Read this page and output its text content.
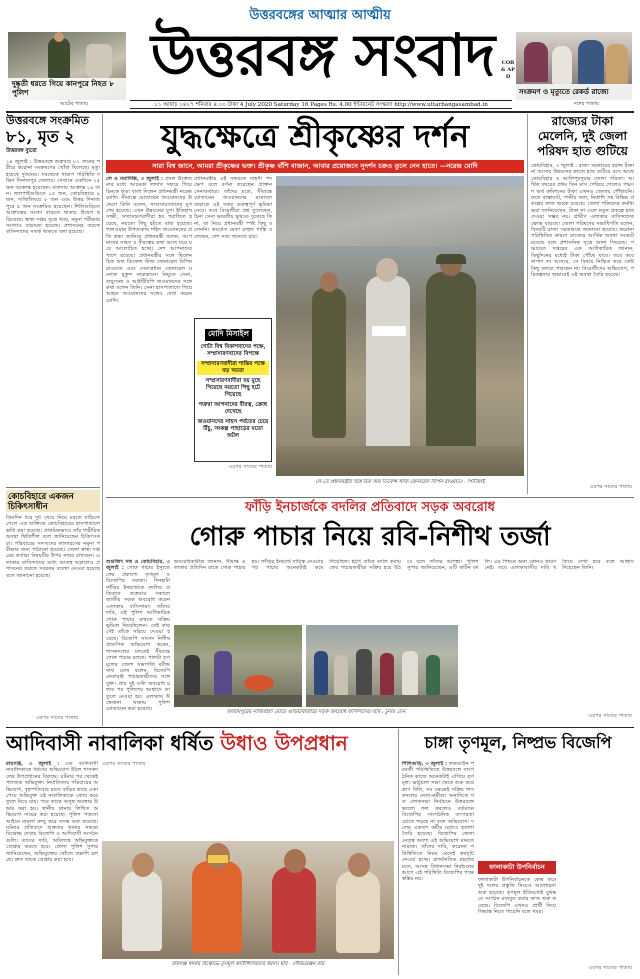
দুষ্কৃতী ধরতে গিয়ে কানপুরে নিহত ৮ পুলিশ
আটের পাতায়
উত্তরবঙ্গের আত্মার আত্মীয়
উত্তরবঙ্গ সংবাদ
সংক্রমণ ও মৃত্যুতে রেকর্ড রাজ্যে
দশের পাতায়
COB & APD
১১ আষাঢ় ১৪২৭ শনিবার ৪.০০ টাকা 4 July 2020 Saturday 16 Pages Rs. 4.00 ইন্টারনেট সংস্করণ http://www.uttarbangasambad.in
উত্তরবঙ্গে সংক্রমিত
৮১, মৃত ২
উত্তরবঙ্গ ব্যুরো
১৪ জুলাই : উত্তরবঙ্গে শুক্রবার ৮১ জনের শরীরে করোনা সংক্রমণের খোঁজ মিলেছে। মৃত্যু হয়েছে দুজনের। সবথেকে খারাপ পরিস্থিতি দক্ষিণ দিনাজপুর জেলায়। সেখানে একদিনে ২৫ জন আক্রান্ত হয়েছেন। মালদায় আক্রান্ত ১৯ জন। জলপাইগুড়িতে ১৫ জন, কোচবিহারে ৯ জন, দার্জিলিংয়ে ৮ জন এবং উত্তর দিনাজপুরে ৫ জন সংক্রমিত হয়েছেন। শিলিগুড়িতে আক্রান্তের সংখ্যা বাড়তে থাকায় উদ্বেগ ছড়িয়েছে। স্বাস্থ্য দপ্তর সূত্রে খবর, নমুনা পরীক্ষার সংখ্যাও বাড়ানো হয়েছে। প্রশাসনের তরফে বাসিন্দাদের সতর্ক থাকতে বলা হয়েছে।
কোচবিহারে একজন চিকিৎসাধীন
তিনদিন ধরে দুধ খেয়ে নিয়ে মরতে বাড়িতে গেলে এক ব্যক্তিকে কোচবিহারের হাসপাতালে ভর্তি করা হয়েছে। প্রাথমিকভাবে তাঁর শারীরিক অবস্থা স্থিতিশীল বলে জানিয়েছেন চিকিৎসকরা। পরিবারের সদস্যদের লালারসের নমুনা পরীক্ষার জন্য পাঠানো হয়েছে। জেলা স্বাস্থ্য দপ্তরের কর্তারা বিষয়টির উপর নজর রাখছেন। এলাকার বাসিন্দাদের মধ্যে আতঙ্ক ছড়ালেও প্রশাসনের তরফে সবরকম ব্যবস্থা নেওয়া হয়েছে বলে জানানো হয়েছে।
এরপর সাতের পাতায়
যুদ্ধক্ষেত্রে শ্রীকৃষ্ণের দর্শন
সারা বিশ্ব জানে, আমরা শ্রীকৃষ্ণের ভক্ত। শ্রীকৃষ্ণ বাঁশি বাজান, আবার প্রয়োজনে সুদর্শন চক্রও তুলে নেন হাতে। —নরেন্দ্র মোদি
লে ও নয়াদিল্লি, ৩ জুলাই : প্রবল উত্তেজনার মধ্যে আচমকা লাদাখ সফরে গিয়ে চিনকে কড়া বার্তা দিলেন প্রধানমন্ত্রী নরেন্দ্র মোদি। সীমান্তে মোতায়েন জওয়ানদের উদ্দেশে তিনি বলেন, সম্প্রসারণবাদের যুগ শেষ হয়েছে। এখন উন্নয়নের যুগ। ইতিহাস সাক্ষী, সম্প্রসারণবাদীরা হয় পরাজিত হয়েছে, নয়তো পিছু হটতে বাধ্য হয়েছে। গালওয়ান উপত্যকায় শহিদ জওয়ানদের প্রতি শ্রদ্ধা জানিয়ে প্রধানমন্ত্রী বলেন, আপনাদের সাহস ও বীরত্বের কথা আজ ঘরে ঘরে আলোচিত হচ্ছে। দেশ আপনাদের পাশে রয়েছে। প্রধানমন্ত্রীর সঙ্গে ছিলেন চিফ অফ ডিফেন্স স্টাফ জেনারেল বিপিন রাওয়াত এবং সেনাপ্রধান জেনারেল মনোজ মুকুন্দ নারাভানে। নিমুতে সেনা, বায়ুসেনা ও আইটিবিপি জওয়ানদের সঙ্গে কথা বলেন তিনি। সেনা হাসপাতালে গিয়ে আহত জওয়ানদের সঙ্গেও দেখা করেন মোদি।
মোদি মিসাইল
গোটা বিশ্ব বিকাশবাদের পক্ষে, সম্প্রসারণবাদের বিপক্ষে
সম্প্রসারণবাদীরা শান্তির পক্ষে বড় খতরা
সম্প্রসারণবাদীরা হয় মুছে গিয়েছে নয়তো পিছু হটে গিয়েছে
শত্রুরা আপনাদের বীরত্ব, ক্রোধ দেখেছে
জওয়ানদের সাহস পর্বতের চেয়ে উঁচু, সংকল্প পাহাড়ের মতো অটল
প্রধানমন্ত্রীর এই সফরকে সাহসী পদক্ষেপ বলে বর্ণনা করেছেন প্রাক্তন সেনাকর্তারা। তাঁদের মতে, সীমান্তে মোতায়েন জওয়ানদের মনোবল বাড়াতে এই সফর গুরুত্বপূর্ণ ভূমিকা নেবে। তবে বিরোধীরা প্রশ্ন তুলেছেন, চিনা সেনা ভারতীয় ভূখণ্ডে ঢুকেছে কি না, তা নিয়ে প্রধানমন্ত্রী স্পষ্ট কিছু বলেননি। কংগ্রেস নেতা রাহুল গান্ধি বলেছেন, দেশ সত্য জানতে চায়।
এরপর সাতের পাতায়
লে-তে প্রধানমন্ত্রীর সঙ্গে চিফ অফ ডিফেন্স স্টাফ জেনারেল বিপিন রাওয়াত। - পিটিআই
রাজ্যের টাকা মেলেনি, দুই জেলা পরিষদ হাত গুটিয়ে
কোচবিহার, ৩ জুলাই : রাজ্য সরকারের বরাদ্দ টাকা না আসায় উন্নয়নের কাজে হাত গুটিয়ে বসে আছে কোচবিহার ও আলিপুরদুয়ার জেলা পরিষদ। আর্থিক বছরের প্রথম তিন মাস পেরিয়ে গেলেও পঞ্চদশ অর্থ কমিশনের টাকা এখনও জেলায় পৌঁছায়নি। ফলে রাস্তাঘাট, পানীয় জল, নিকাশি সহ বিভিন্ন প্রকল্পের কাজ থমকে রয়েছে। জেলা পরিষদের কর্মাধ্যক্ষরা জানিয়েছেন, টাকা না এলে নতুন প্রকল্পে হাত দেওয়া সম্ভব নয়। গ্রামীণ এলাকার বাসিন্দাদের ক্ষোভ বাড়ছে। জেলা পরিষদের সভাধিপতি বলেন, বিষয়টি রাজ্য সরকারকে জানানো হয়েছে। করোনা পরিস্থিতির কারণে রাজ্যের আর্থিক অবস্থা সংকটে রয়েছে বলে প্রশাসনিক সূত্রে জানা গিয়েছে। পঞ্চায়েত দপ্তরের এক আধিকারিক জানান, কিছুদিনের মধ্যেই টাকা পৌঁছে যাবে। তবে কবে নাগাদ তা আসবে, সে বিষয়ে নিশ্চিত করে কেউ কিছু বলতে পারছেন না। বিরোধীদের অভিযোগ, পরিকল্পনার অভাবেই এই অবস্থা তৈরি হয়েছে।
এরপর সাতের পাতায়
ফাঁড়ি ইনচার্জকে বদলির প্রতিবাদে সড়ক অবরোধ
গোরু পাচার নিয়ে রবি-নিশীথ তর্জা
শুভজিৎ দত্ত ও কোচবিহার, ৩ জুলাই : গোরু পাচার ইস্যুতে ফের প্রকাশ্যে তৃণমূল ও বিজেপির তরজা। দিনহাটা ফাঁড়ির ইনচার্জকে বদলির প্রতিবাদে শুক্রবার সকালে জাতীয় সড়ক অবরোধ করেন এলাকার বাসিন্দারা। তাঁদের দাবি, ওই পুলিশ আধিকারিক গোরু পাচার রুখতে সক্রিয় ভূমিকা নিয়েছিলেন। সেই কারণেই তাঁকে সরিয়ে দেওয়া হয়েছে। বিজেপি সাংসদ নিশীথ প্রামাণিক অভিযোগ করেন, শাসকদলের মদতেই সীমান্তে গোরু পাচার চলছে। পালটা তৃণমূলের জেলা সভাপতি রবীন্দ্রনাথ ঘোষ বলেন, বিজেপি নেতারাই পাচারকারীদের সঙ্গে যুক্ত। প্রায় দুই ঘণ্টা অবরোধ চলার পর পুলিশের আশ্বাসে তা তুলে নেওয়া হয়। এলাকায় উত্তেজনা থাকায় পুলিশ মোতায়েন করা হয়েছে।
অবরোধকারীরা জানান, সীমান্ত এলাকায় প্রতিদিন রাতে গোরু পাচার হয়। ফাঁড়ির ইনচার্জ দায়িত্ব নেওয়ার পর পাচার অনেকটাই কমে গিয়েছিল। হঠাৎ তাঁকে বদলি করায় ফের পাচারকারীরা সক্রিয় হয়ে উঠবে বলে তাঁদের আশঙ্কা। পুলিশ সুপার জানিয়েছেন, এটি রুটিন বদলি। এর পিছনে অন্য কোনও কারণ নেই। তবে এলাকাবাসীর দাবি খতিয়ে দেখা হবে বলে আশ্বাস দিয়েছেন তিনি।
বলরামপুরের নাজিরহাট মোড়ে গুড়িয়াবাজারে সড়ক অবরোধ বাসিন্দাদের। ছবি : চুনার তেন
এরপর সাতের পাতায়
আদিবাসী নাবালিকা ধর্ষিত উধাও উপপ্রধান
রায়গঞ্জ, ৩ জুলাই : এক আদিবাসী নাবালিকাকে ধর্ষণের অভিযোগ উঠল শাসকদলের উপপ্রধানের বিরুদ্ধে। ঘটনার পর থেকেই পলাতক অভিযুক্ত। নির্যাতিতার পরিবারের অভিযোগ, বৃহস্পতিবার রাতে বাড়ির কাছে একা পেয়ে অভিযুক্ত ওই নাবালিকাকে জোর করে তুলে নিয়ে যায়। পরে তাকে অসুস্থ অবস্থায় উদ্ধার করা হয়। স্থানীয় থানায় লিখিত অভিযোগ দায়ের করা হয়েছে। পুলিশ পকসো আইনে মামলা রুজু করে তদন্ত শুরু করেছে। ঘটনার প্রতিবাদে শুক্রবার থানার সামনে বিক্ষোভ দেখায় বিজেপি ও আদিবাসী সংগঠনগুলি। তাদের দাবি, অবিলম্বে অভিযুক্তকে গ্রেপ্তার করতে হবে। জেলা পুলিশ সুপার জানিয়েছেন, অভিযুক্তের খোঁজে তল্লাশি চলছে। দ্রুত তাকে গ্রেপ্তার করা হবে।
এরপর সাতের পাতায়
রায়গঞ্জ থানায় বিক্ষোভে তৃণমূল কাউন্সিলারদের ধরনা। ছবি - সৌরভরঞ্জন রায়
চাঙ্গা তৃণমূল, নিষ্প্রভ বিজেপি
শিলিগুড়ি, ৩ জুলাই : লকডাউন পরবর্তী পরিস্থিতিতে উত্তরবঙ্গে সাংগঠনিক কাজে অনেকটাই এগিয়ে তৃণমূল। ভার্চুয়াল সভা থেকে শুরু করে ত্রাণ বিলি, সব ক্ষেত্রেই সক্রিয় শাসকদলের নেতা-কর্মীরা। অন্যদিকে গত লোকসভা নির্বাচনে উত্তরবঙ্গে ভালো ফল করলেও বর্তমানে বিজেপির সাংগঠনিক তৎপরতা চোখে পড়ছে না বলে অভিযোগ। দলের একাংশ কর্মীর মধ্যেও হতাশা তৈরি হয়েছে। বিজেপির জেলা নেতৃত্ব অবশ্য এই অভিযোগ মানতে নারাজ। তাঁদের দাবি, করোনা পরিস্থিতিতে নিয়ম মেনেই কর্মসূচি নেওয়া হচ্ছে। রাজনৈতিক মহলের মতে, আসন্ন বিধানসভা নির্বাচনের আগে এই পরিস্থিতি বিজেপির পক্ষে স্বস্তির নয়।
ফালাকাটা উপনির্বাচন
ফালাকাটা উপনির্বাচনকে কেন্দ্র করে দুই দলের প্রস্তুতি নিয়েও আলোচনা শুরু হয়েছে। তৃণমূল ইতিমধ্যেই বুথস্তরে সংগঠন মজবুত করার কাজ শুরু করেছে। বিজেপি এখনও প্রার্থী নিয়ে সিদ্ধান্ত নিতে পারেনি বলে খবর।
এরপর সাতের পাতায়
